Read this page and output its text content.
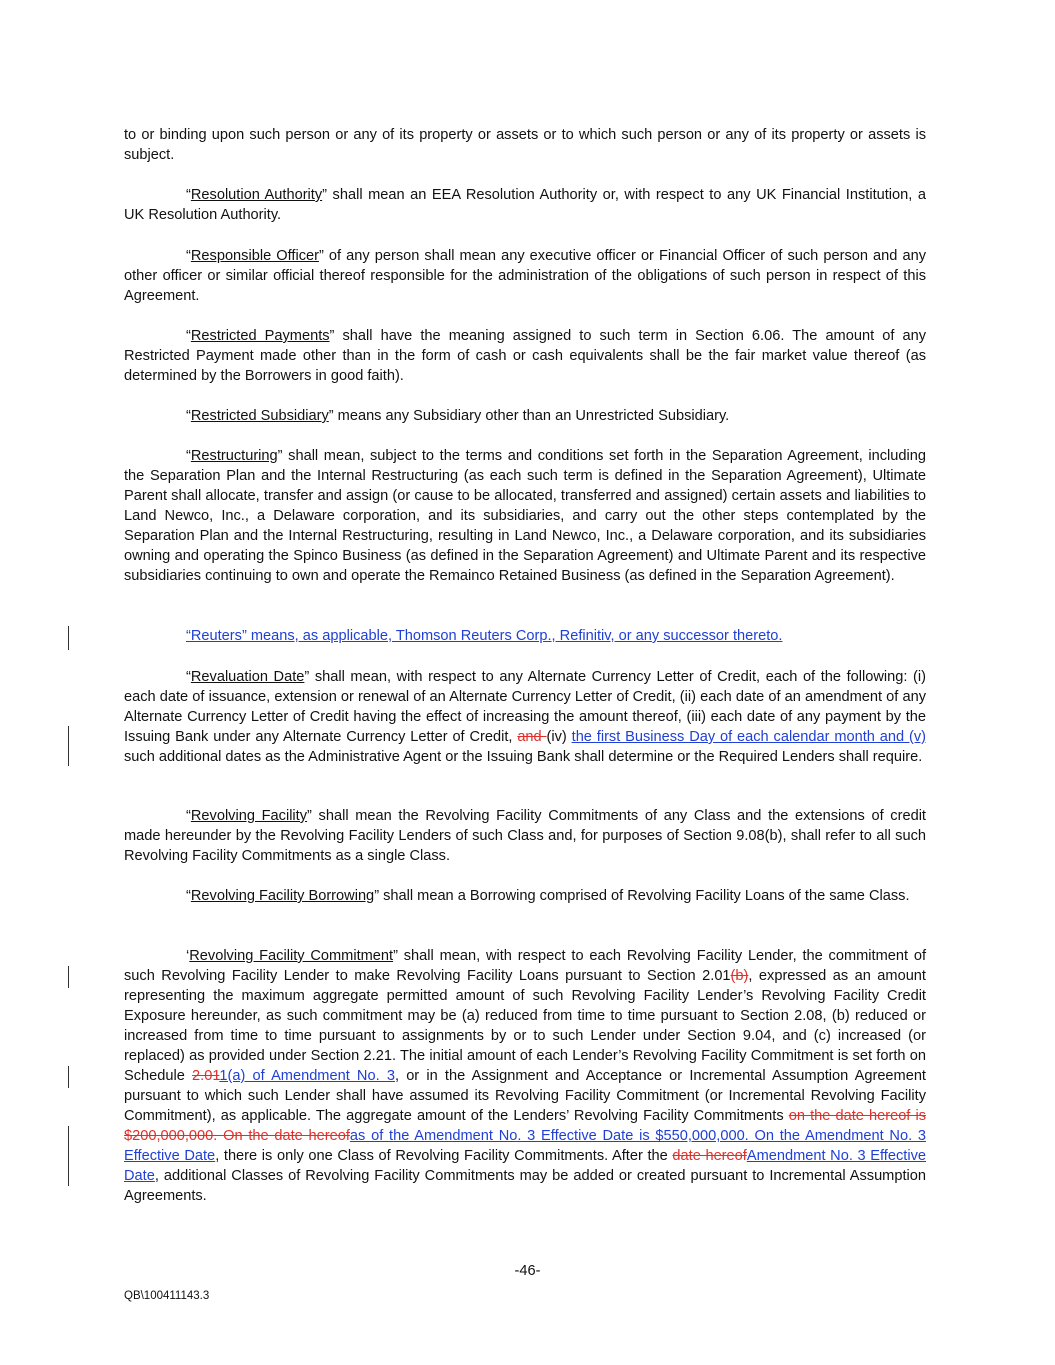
to or binding upon such person or any of its property or assets or to which such person or any of its property or assets is subject.

“Resolution Authority” shall mean an EEA Resolution Authority or, with respect to any UK Financial Institution, a UK Resolution Authority.

“Responsible Officer” of any person shall mean any executive officer or Financial Officer of such person and any other officer or similar official thereof responsible for the administration of the obligations of such person in respect of this Agreement.

“Restricted Payments” shall have the meaning assigned to such term in Section 6.06. The amount of any Restricted Payment made other than in the form of cash or cash equivalents shall be the fair market value thereof (as determined by the Borrowers in good faith).

“Restricted Subsidiary” means any Subsidiary other than an Unrestricted Subsidiary.

“Restructuring” shall mean, subject to the terms and conditions set forth in the Separation Agreement, including the Separation Plan and the Internal Restructuring (as each such term is defined in the Separation Agreement), Ultimate Parent shall allocate, transfer and assign (or cause to be allocated, transferred and assigned) certain assets and liabilities to Land Newco, Inc., a Delaware corporation, and its subsidiaries, and carry out the other steps contemplated by the Separation Plan and the Internal Restructuring, resulting in Land Newco, Inc., a Delaware corporation, and its subsidiaries owning and operating the Spinco Business (as defined in the Separation Agreement) and Ultimate Parent and its respective subsidiaries continuing to own and operate the Remainco Retained Business (as defined in the Separation Agreement).

“Reuters” means, as applicable, Thomson Reuters Corp., Refinitiv, or any successor thereto.

“Revaluation Date” shall mean, with respect to any Alternate Currency Letter of Credit, each of the following: (i) each date of issuance, extension or renewal of an Alternate Currency Letter of Credit, (ii) each date of an amendment of any Alternate Currency Letter of Credit having the effect of increasing the amount thereof, (iii) each date of any payment by the Issuing Bank under any Alternate Currency Letter of Credit, and (iv) the first Business Day of each calendar month and (v) such additional dates as the Administrative Agent or the Issuing Bank shall determine or the Required Lenders shall require.

“Revolving Facility” shall mean the Revolving Facility Commitments of any Class and the extensions of credit made hereunder by the Revolving Facility Lenders of such Class and, for purposes of Section 9.08(b), shall refer to all such Revolving Facility Commitments as a single Class.

“Revolving Facility Borrowing” shall mean a Borrowing comprised of Revolving Facility Loans of the same Class.

‘Revolving Facility Commitment” shall mean, with respect to each Revolving Facility Lender, the commitment of such Revolving Facility Lender to make Revolving Facility Loans pursuant to Section 2.01(b), expressed as an amount representing the maximum aggregate permitted amount of such Revolving Facility Lender’s Revolving Facility Credit Exposure hereunder, as such commitment may be (a) reduced from time to time pursuant to Section 2.08, (b) reduced or increased from time to time pursuant to assignments by or to such Lender under Section 9.04, and (c) increased (or replaced) as provided under Section 2.21. The initial amount of each Lender’s Revolving Facility Commitment is set forth on Schedule 2.011(a) of Amendment No. 3, or in the Assignment and Acceptance or Incremental Assumption Agreement pursuant to which such Lender shall have assumed its Revolving Facility Commitment (or Incremental Revolving Facility Commitment), as applicable. The aggregate amount of the Lenders’ Revolving Facility Commitments on the date hereof is $200,000,000. On the date hereofas of the Amendment No. 3 Effective Date is $550,000,000. On the Amendment No. 3 Effective Date, there is only one Class of Revolving Facility Commitments. After the date hereofAmendment No. 3 Effective Date, additional Classes of Revolving Facility Commitments may be added or created pursuant to Incremental Assumption Agreements.

-46-
QB\100411143.3
